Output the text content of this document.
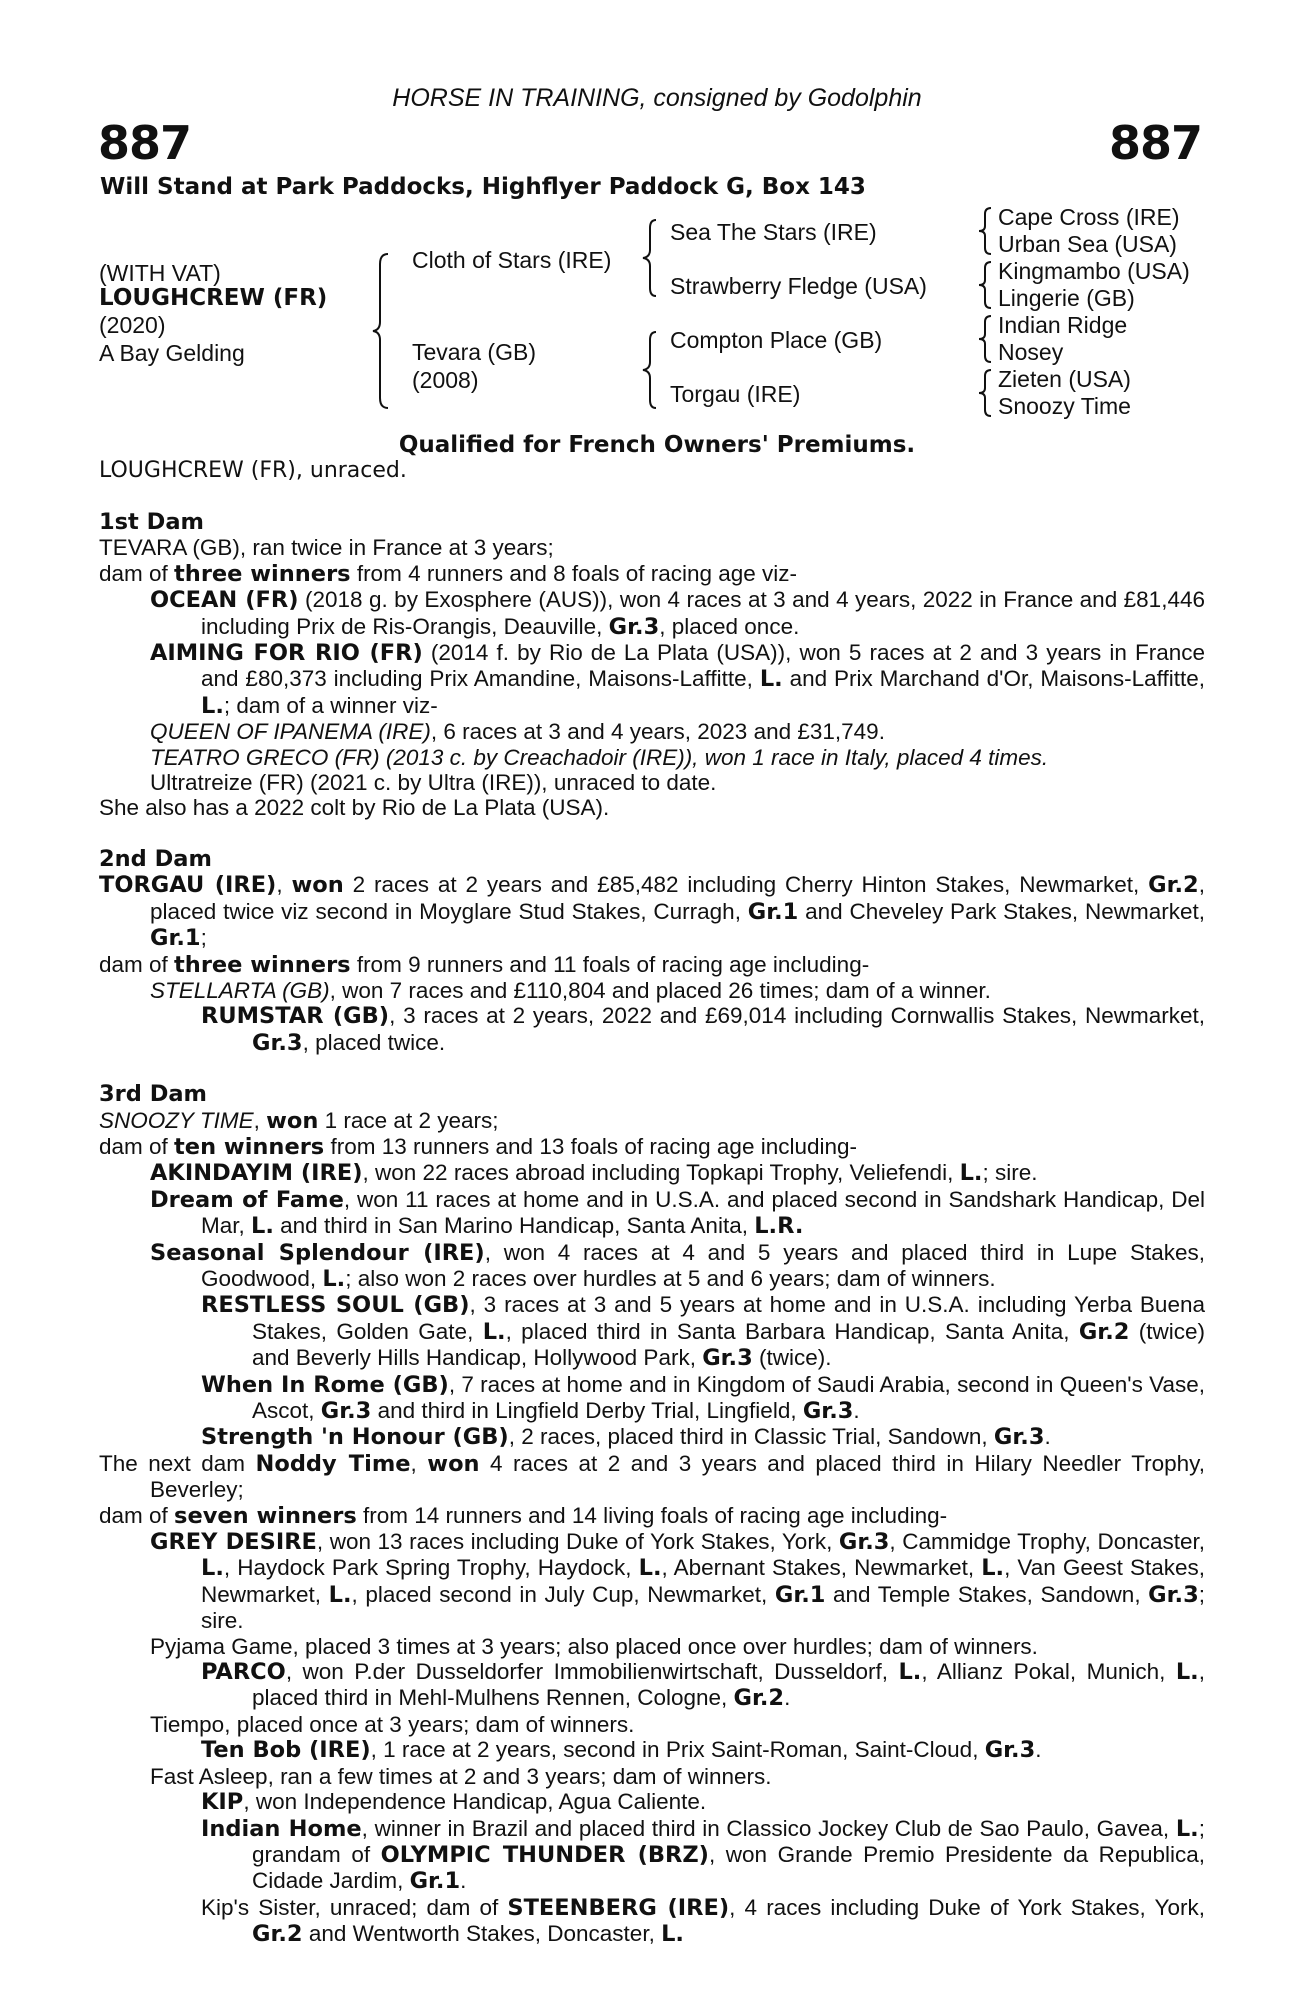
HORSE IN TRAINING, consigned by Godolphin
887	887
Will Stand at Park Paddocks, Highflyer Paddock G, Box 143
(WITH VAT)
LOUGHCREW (FR)
(2020)
A Bay Gelding
Cloth of Stars (IRE)
Tevara (GB)
(2008)
Sea The Stars (IRE)
Strawberry Fledge (USA)
Compton Place (GB)
Torgau (IRE)
Cape Cross (IRE)
Urban Sea (USA)
Kingmambo (USA)
Lingerie (GB)
Indian Ridge
Nosey
Zieten (USA)
Snoozy Time
Qualified for French Owners' Premiums.
LOUGHCREW (FR), unraced.

1st Dam

TEVARA (GB), ran twice in France at 3 years;

dam of three winners from 4 runners and 8 foals of racing age viz-

OCEAN (FR) (2018 g. by Exosphere (AUS)), won 4 races at 3 and 4 years, 2022 in France and £81,446 including Prix de Ris-Orangis, Deauville, Gr.3, placed once.

AIMING FOR RIO (FR) (2014 f. by Rio de La Plata (USA)), won 5 races at 2 and 3 years in France and £80,373 including Prix Amandine, Maisons-Laffitte, L. and Prix Marchand d'Or, Maisons-Laffitte, L.; dam of a winner viz-

QUEEN OF IPANEMA (IRE), 6 races at 3 and 4 years, 2023 and £31,749.

TEATRO GRECO (FR) (2013 c. by Creachadoir (IRE)), won 1 race in Italy, placed 4 times.

Ultratreize (FR) (2021 c. by Ultra (IRE)), unraced to date.

She also has a 2022 colt by Rio de La Plata (USA).

2nd Dam

TORGAU (IRE), won 2 races at 2 years and £85,482 including Cherry Hinton Stakes, Newmarket, Gr.2, placed twice viz second in Moyglare Stud Stakes, Curragh, Gr.1 and Cheveley Park Stakes, Newmarket, Gr.1;

dam of three winners from 9 runners and 11 foals of racing age including-

STELLARTA (GB), won 7 races and £110,804 and placed 26 times; dam of a winner.

RUMSTAR (GB), 3 races at 2 years, 2022 and £69,014 including Cornwallis Stakes, Newmarket, Gr.3, placed twice.

3rd Dam

SNOOZY TIME, won 1 race at 2 years;

dam of ten winners from 13 runners and 13 foals of racing age including-

AKINDAYIM (IRE), won 22 races abroad including Topkapi Trophy, Veliefendi, L.; sire.

Dream of Fame, won 11 races at home and in U.S.A. and placed second in Sandshark Handicap, Del Mar, L. and third in San Marino Handicap, Santa Anita, L.R.

Seasonal Splendour (IRE), won 4 races at 4 and 5 years and placed third in Lupe Stakes, Goodwood, L.; also won 2 races over hurdles at 5 and 6 years; dam of winners.

RESTLESS SOUL (GB), 3 races at 3 and 5 years at home and in U.S.A. including Yerba Buena Stakes, Golden Gate, L., placed third in Santa Barbara Handicap, Santa Anita, Gr.2 (twice) and Beverly Hills Handicap, Hollywood Park, Gr.3 (twice).

When In Rome (GB), 7 races at home and in Kingdom of Saudi Arabia, second in Queen's Vase, Ascot, Gr.3 and third in Lingfield Derby Trial, Lingfield, Gr.3.

Strength 'n Honour (GB), 2 races, placed third in Classic Trial, Sandown, Gr.3.

The next dam Noddy Time, won 4 races at 2 and 3 years and placed third in Hilary Needler Trophy, Beverley;

dam of seven winners from 14 runners and 14 living foals of racing age including-

GREY DESIRE, won 13 races including Duke of York Stakes, York, Gr.3, Cammidge Trophy, Doncaster, L., Haydock Park Spring Trophy, Haydock, L., Abernant Stakes, Newmarket, L., Van Geest Stakes, Newmarket, L., placed second in July Cup, Newmarket, Gr.1 and Temple Stakes, Sandown, Gr.3; sire.

Pyjama Game, placed 3 times at 3 years; also placed once over hurdles; dam of winners.

PARCO, won P.der Dusseldorfer Immobilienwirtschaft, Dusseldorf, L., Allianz Pokal, Munich, L., placed third in Mehl-Mulhens Rennen, Cologne, Gr.2.

Tiempo, placed once at 3 years; dam of winners.

Ten Bob (IRE), 1 race at 2 years, second in Prix Saint-Roman, Saint-Cloud, Gr.3.

Fast Asleep, ran a few times at 2 and 3 years; dam of winners.

KIP, won Independence Handicap, Agua Caliente.

Indian Home, winner in Brazil and placed third in Classico Jockey Club de Sao Paulo, Gavea, L.; grandam of OLYMPIC THUNDER (BRZ), won Grande Premio Presidente da Republica, Cidade Jardim, Gr.1.

Kip's Sister, unraced; dam of STEENBERG (IRE), 4 races including Duke of York Stakes, York, Gr.2 and Wentworth Stakes, Doncaster, L.
